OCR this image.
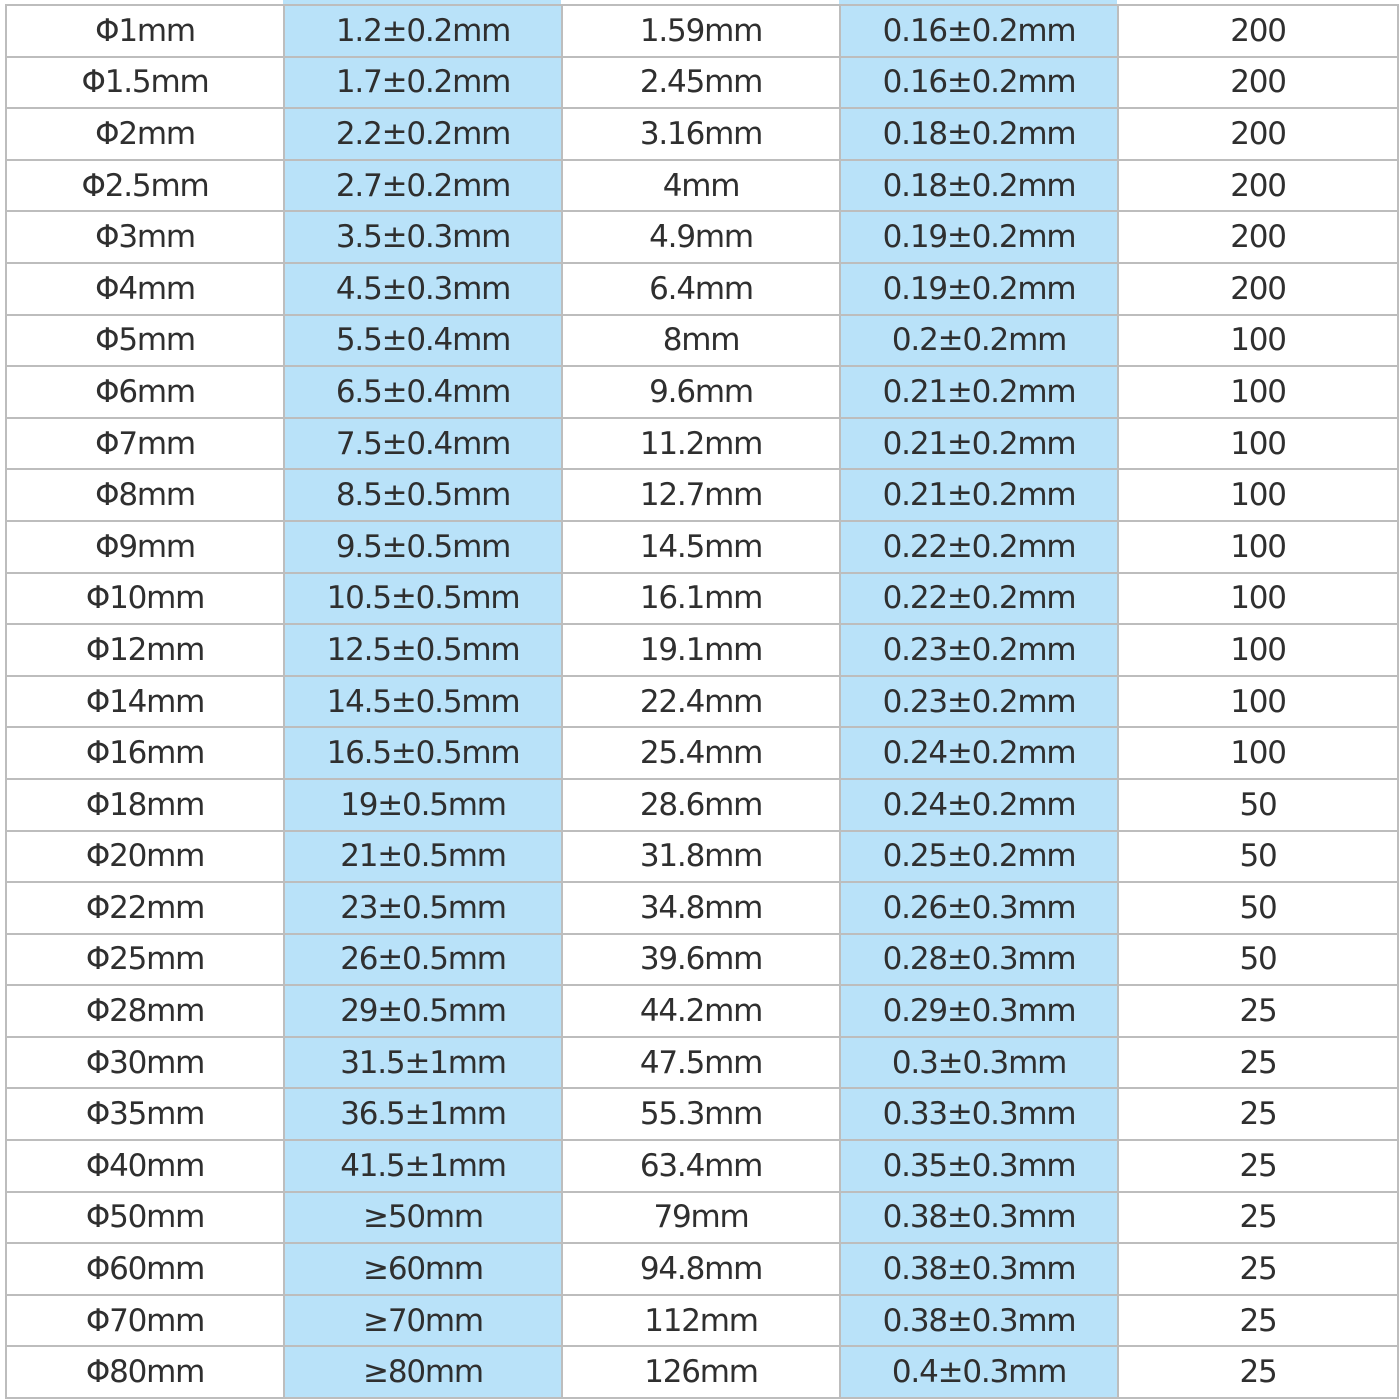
Φ1mm	1.2±0.2mm	1.59mm	0.16±0.2mm	200
Φ1.5mm	1.7±0.2mm	2.45mm	0.16±0.2mm	200
Φ2mm	2.2±0.2mm	3.16mm	0.18±0.2mm	200
Φ2.5mm	2.7±0.2mm	4mm	0.18±0.2mm	200
Φ3mm	3.5±0.3mm	4.9mm	0.19±0.2mm	200
Φ4mm	4.5±0.3mm	6.4mm	0.19±0.2mm	200
Φ5mm	5.5±0.4mm	8mm	0.2±0.2mm	100
Φ6mm	6.5±0.4mm	9.6mm	0.21±0.2mm	100
Φ7mm	7.5±0.4mm	11.2mm	0.21±0.2mm	100
Φ8mm	8.5±0.5mm	12.7mm	0.21±0.2mm	100
Φ9mm	9.5±0.5mm	14.5mm	0.22±0.2mm	100
Φ10mm	10.5±0.5mm	16.1mm	0.22±0.2mm	100
Φ12mm	12.5±0.5mm	19.1mm	0.23±0.2mm	100
Φ14mm	14.5±0.5mm	22.4mm	0.23±0.2mm	100
Φ16mm	16.5±0.5mm	25.4mm	0.24±0.2mm	100
Φ18mm	19±0.5mm	28.6mm	0.24±0.2mm	50
Φ20mm	21±0.5mm	31.8mm	0.25±0.2mm	50
Φ22mm	23±0.5mm	34.8mm	0.26±0.3mm	50
Φ25mm	26±0.5mm	39.6mm	0.28±0.3mm	50
Φ28mm	29±0.5mm	44.2mm	0.29±0.3mm	25
Φ30mm	31.5±1mm	47.5mm	0.3±0.3mm	25
Φ35mm	36.5±1mm	55.3mm	0.33±0.3mm	25
Φ40mm	41.5±1mm	63.4mm	0.35±0.3mm	25
Φ50mm	≥50mm	79mm	0.38±0.3mm	25
Φ60mm	≥60mm	94.8mm	0.38±0.3mm	25
Φ70mm	≥70mm	112mm	0.38±0.3mm	25
Φ80mm	≥80mm	126mm	0.4±0.3mm	25
